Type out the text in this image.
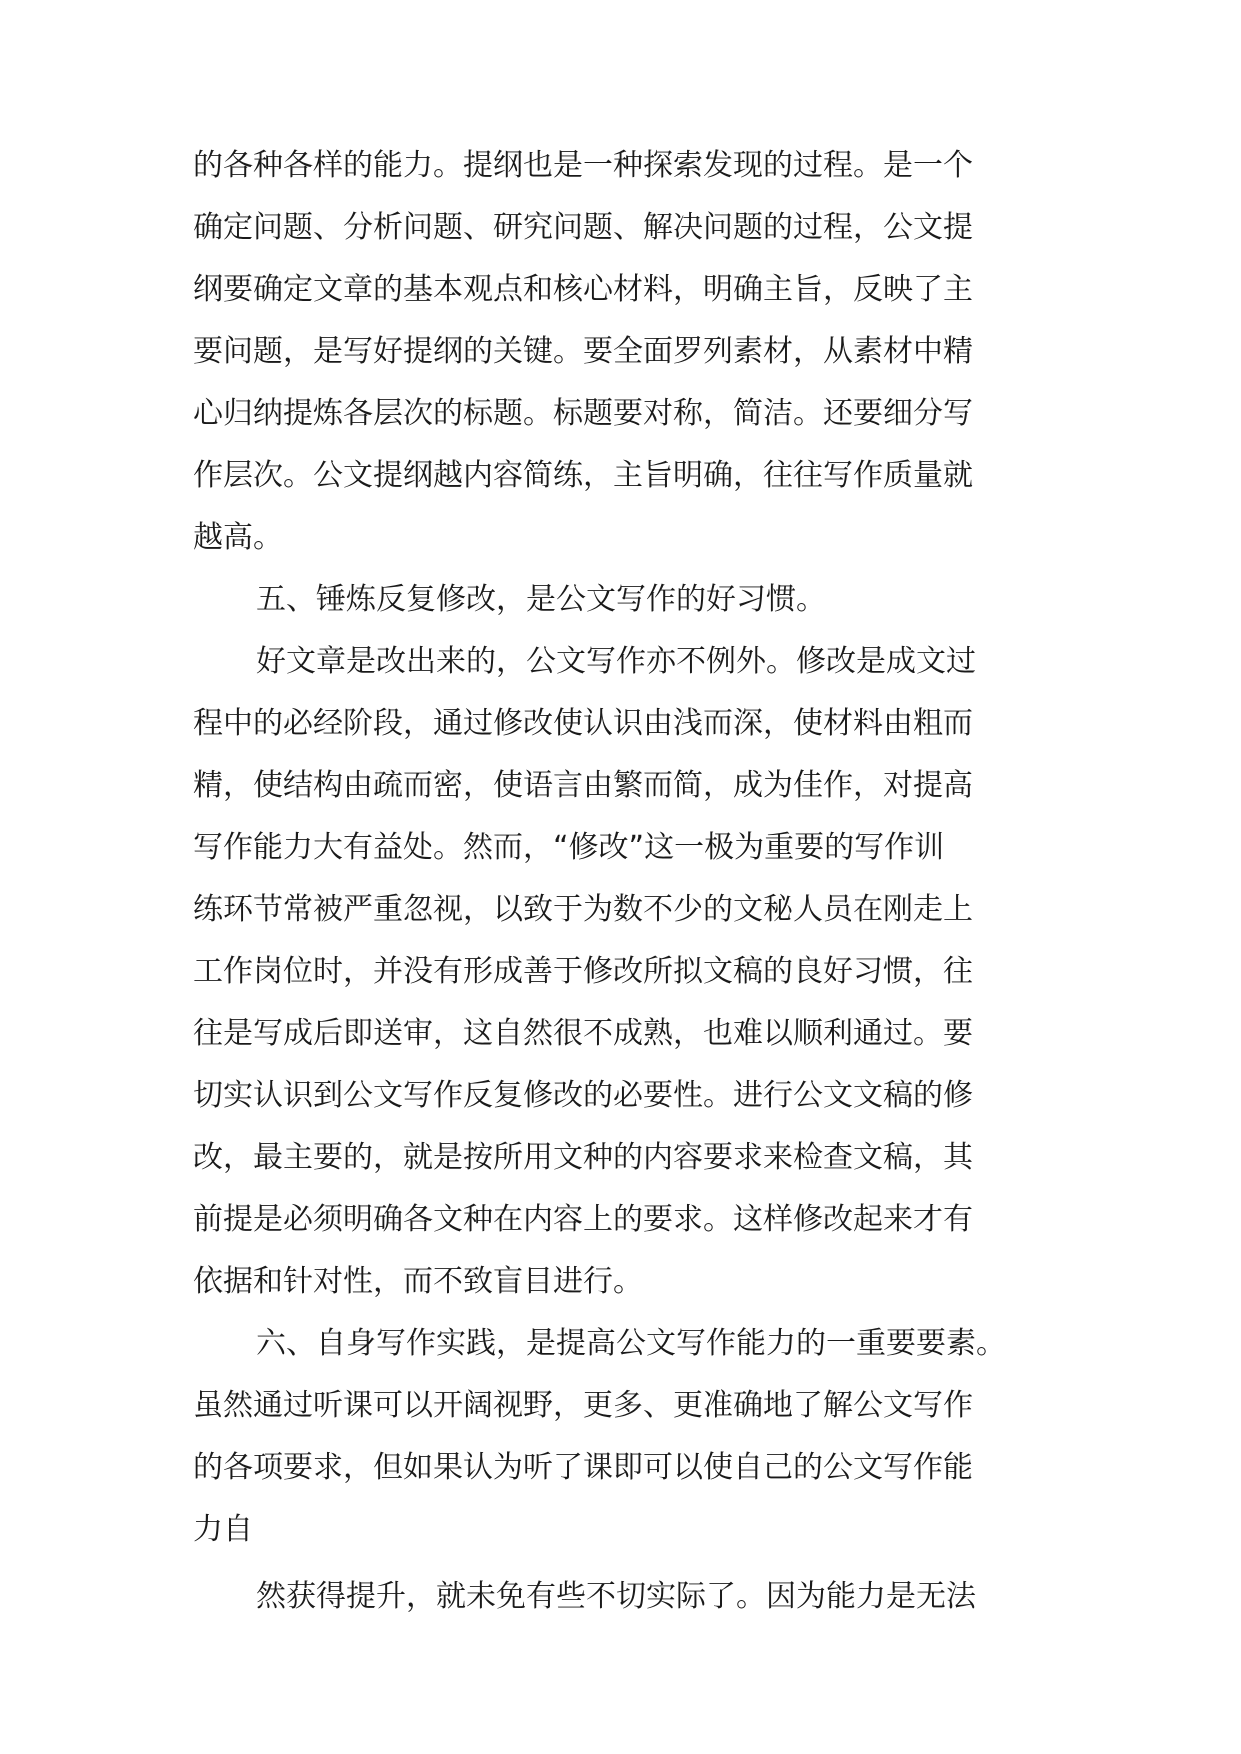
的各种各样的能力。提纲也是一种探索发现的过程。是一个
确定问题、分析问题、研究问题、解决问题的过程，公文提
纲要确定文章的基本观点和核心材料，明确主旨，反映了主
要问题，是写好提纲的关键。要全面罗列素材，从素材中精
心归纳提炼各层次的标题。标题要对称，简洁。还要细分写
作层次。公文提纲越内容简练，主旨明确，往往写作质量就
越高。
五、锤炼反复修改，是公文写作的好习惯。
好文章是改出来的，公文写作亦不例外。修改是成文过
程中的必经阶段，通过修改使认识由浅而深，使材料由粗而
精，使结构由疏而密，使语言由繁而简，成为佳作，对提高
写作能力大有益处。然而，“修改”这一极为重要的写作训
练环节常被严重忽视，以致于为数不少的文秘人员在刚走上
工作岗位时，并没有形成善于修改所拟文稿的良好习惯，往
往是写成后即送审，这自然很不成熟，也难以顺利通过。要
切实认识到公文写作反复修改的必要性。进行公文文稿的修
改，最主要的，就是按所用文种的内容要求来检查文稿，其
前提是必须明确各文种在内容上的要求。这样修改起来才有
依据和针对性，而不致盲目进行。
六、自身写作实践，是提高公文写作能力的一重要要素。
虽然通过听课可以开阔视野，更多、更准确地了解公文写作
的各项要求，但如果认为听了课即可以使自己的公文写作能
力自
然获得提升，就未免有些不切实际了。因为能力是无法
